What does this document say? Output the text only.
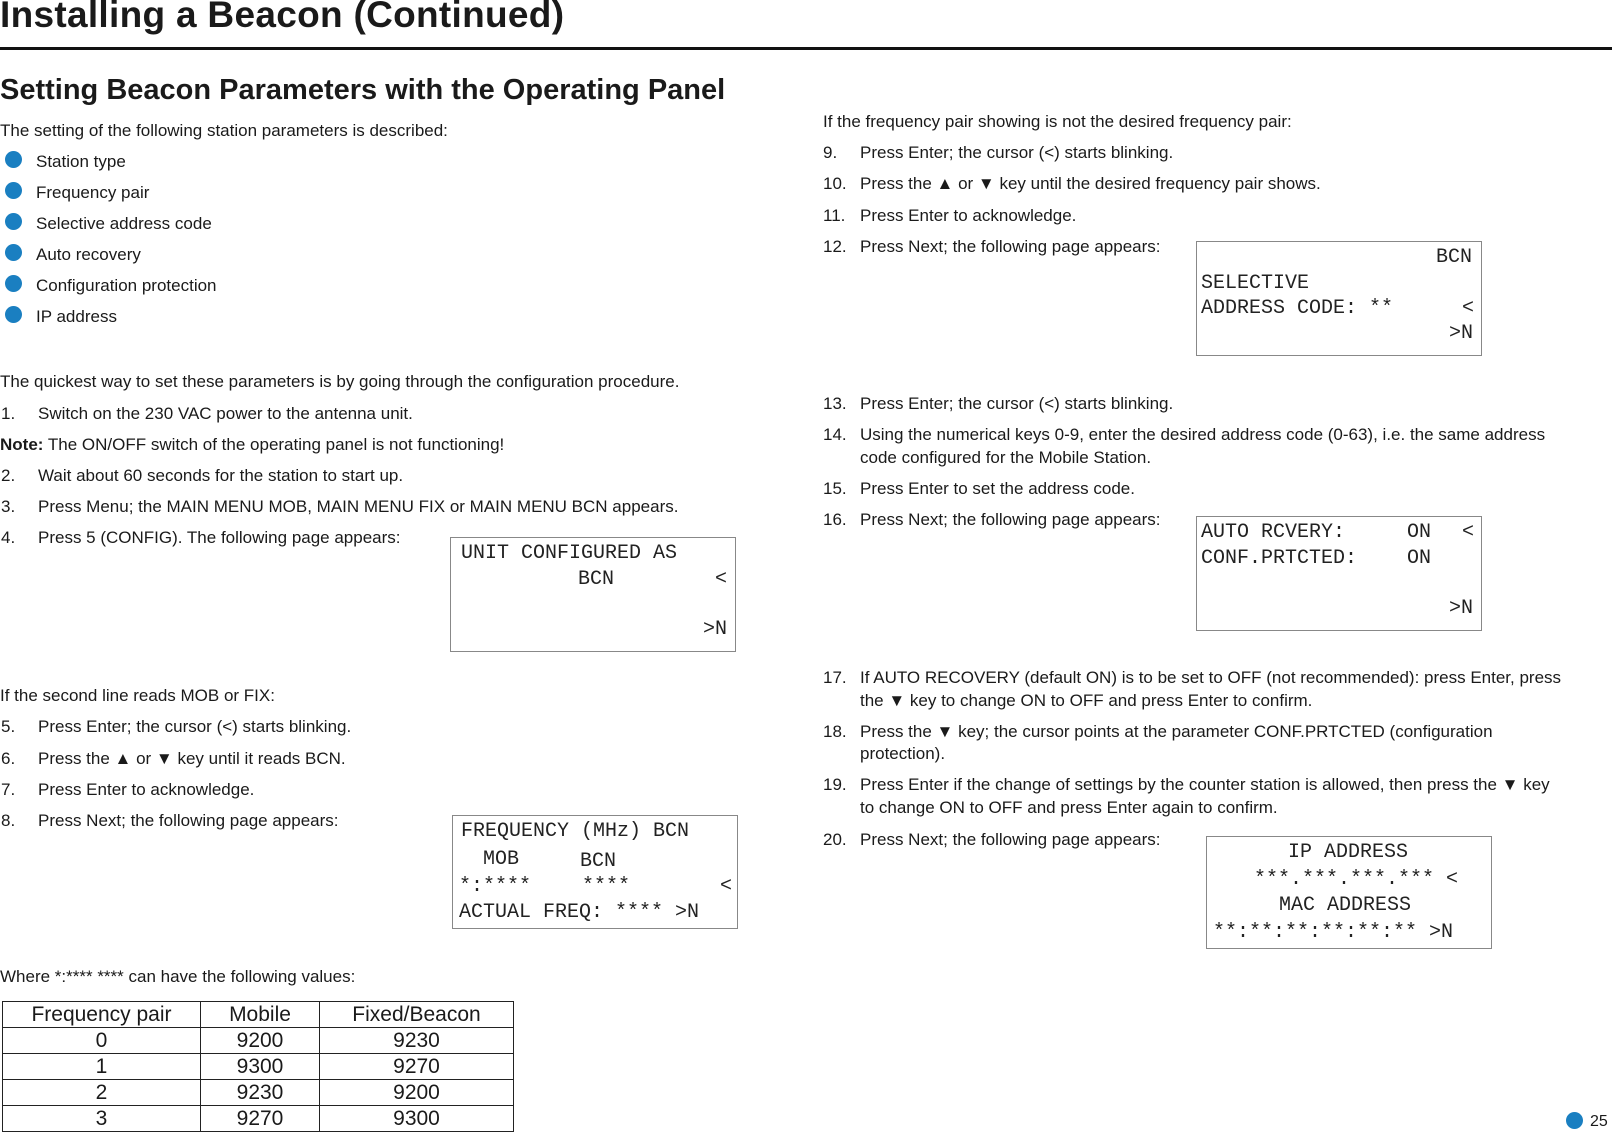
Installing a Beacon (Continued)
Setting Beacon Parameters with the Operating Panel
The setting of the following station parameters is described:
Station type
Frequency pair
Selective address code
Auto recovery
Configuration protection
IP address
The quickest way to set these parameters is by going through the configuration procedure.
1. Switch on the 230 VAC power to the antenna unit.
Note: The ON/OFF switch of the operating panel is not functioning!
2. Wait about 60 seconds for the station to start up.
3. Press Menu; the MAIN MENU MOB, MAIN MENU FIX or MAIN MENU BCN appears.
4. Press 5 (CONFIG). The following page appears:
UNIT CONFIGURED AS
BCN	<
>N
If the second line reads MOB or FIX:
5. Press Enter; the cursor (<) starts blinking.
6. Press the ▲ or ▼ key until it reads BCN.
7. Press Enter to acknowledge.
8. Press Next; the following page appears:	FREQUENCY (MHz) BCN
MOB	BCN
*:****	****	<
ACTUAL FREQ: **** >N
Where *:**** **** can have the following values:
Frequency pair	Mobile	Fixed/Beacon
0	9200	9230
1	9300	9270
2	9230	9200
3	9270	9300
If the frequency pair showing is not the desired frequency pair:
9. Press Enter; the cursor (<) starts blinking.
10. Press the ▲ or ▼ key until the desired frequency pair shows.
11. Press Enter to acknowledge.
12. Press Next; the following page appears:	BCN
SELECTIVE
ADDRESS CODE: **	<
>N
13. Press Enter; the cursor (<) starts blinking.
14. Using the numerical keys 0-9, enter the desired address code (0-63), i.e. the same address
code configured for the Mobile Station.
15. Press Enter to set the address code.
16. Press Next; the following page appears:
AUTO RCVERY:	ON <
CONF.PRTCTED: ON
>N
17. If AUTO RECOVERY (default ON) is to be set to OFF (not recommended): press Enter, press
the ▼ key to change ON to OFF and press Enter to confirm.
18. Press the ▼ key; the cursor points at the parameter CONF.PRTCTED (configuration
protection).
19. Press Enter if the change of settings by the counter station is allowed, then press the ▼ key
to change ON to OFF and press Enter again to confirm.
20. Press Next; the following page appears:
IP ADDRESS
***.***.***.*** <
MAC ADDRESS
**:**:**:**:**:** >N
25
